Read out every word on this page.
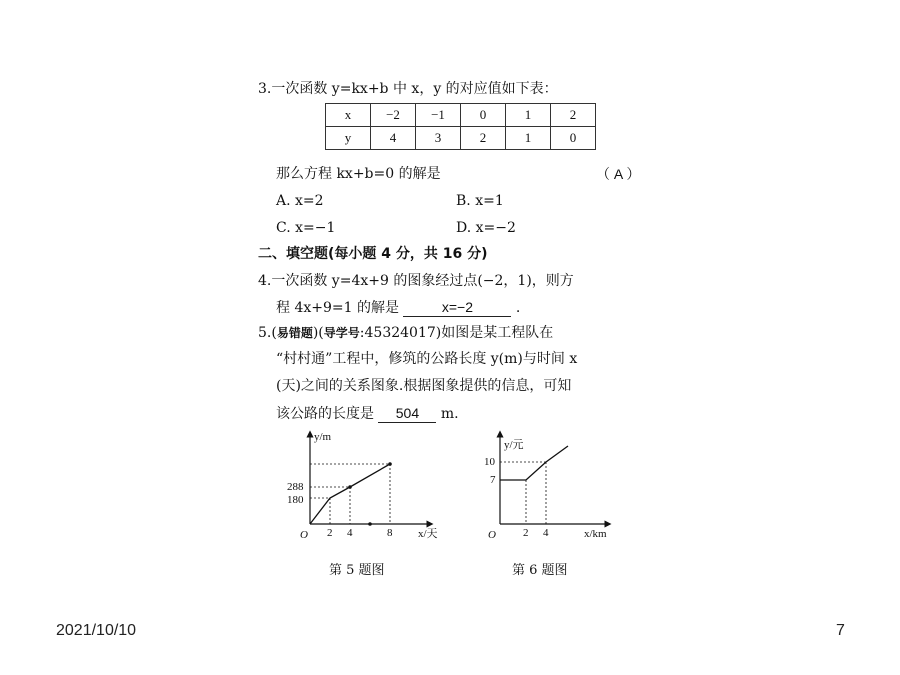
3.一次函数 y=kx+b 中 x，y 的对应值如下表：
x	−2	−1	0	1	2
y	4	3	2	1	0
那么方程 kx+b=0 的解是	（ A ）
A. x=2	B. x=1
C. x=−1	D. x=−2
二、填空题(每小题 4 分，共 16 分)
4.一次函数 y=4x+9 的图象经过点(−2，1)，则方
程 4x+9=1 的解是	x=−2	.
5.(易错题)(导学号:45324017)如图是某工程队在
“村村通”工程中，修筑的公路长度 y(m)与时间 x
(天)之间的关系图象.根据图象提供的信息，可知
该公路的长度是 504 m.
y/m
x/天
O
288
180
2 4	8
第 5 题图
y/元
x/km
O
10
7
2 4
第 6 题图
2021/10/10	7
